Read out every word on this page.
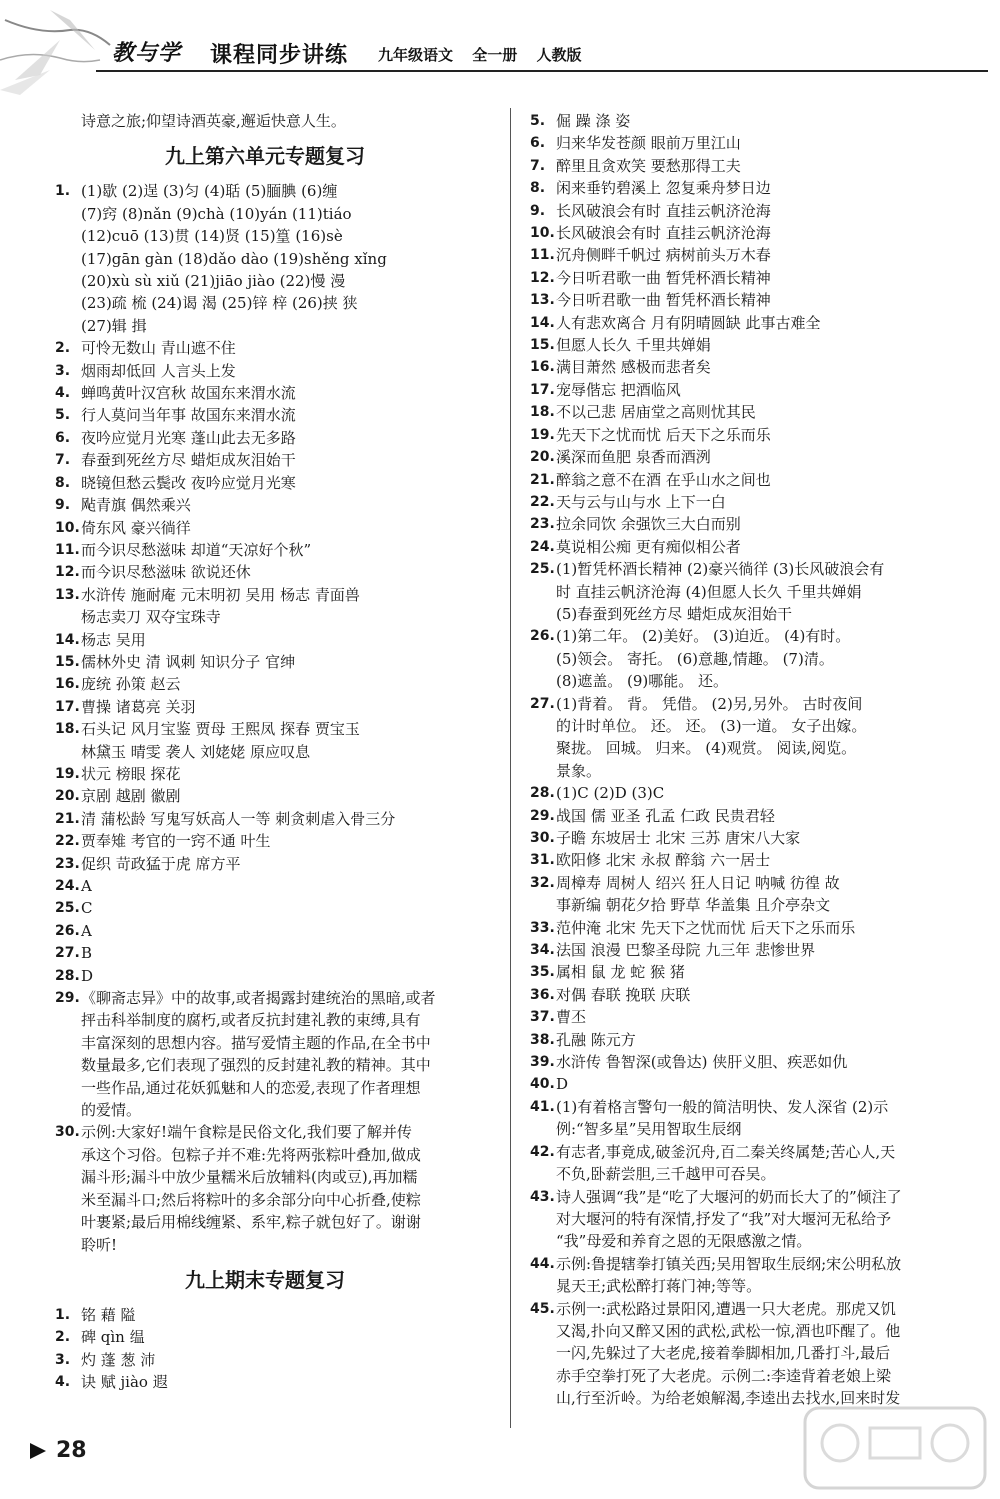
教与学 课程同步讲练 九年级语文 全一册 人教版
诗意之旅;仰望诗酒英豪,邂逅快意人生。
九上第六单元专题复习
1. (1)歇 (2)逞 (3)匀 (4)聒 (5)腼腆 (6)缠
(7)窍 (8)nǎn (9)chà (10)yán (11)tiáo
(12)cuō (13)贯 (14)贤 (15)篁 (16)sè
(17)gān gàn (18)dǎo dào (19)shěng xǐng
(20)xù sù xiǔ (21)jiāo jiào (22)慢 漫
(23)疏 梳 (24)谒 渴 (25)锌 梓 (26)挟 狭
(27)辑 揖
2. 可怜无数山 青山遮不住
3. 烟雨却低回 人言头上发
4. 蝉鸣黄叶汉宫秋 故国东来渭水流
5. 行人莫问当年事 故国东来渭水流
6. 夜吟应觉月光寒 蓬山此去无多路
7. 春蚕到死丝方尽 蜡炬成灰泪始干
8. 晓镜但愁云鬓改 夜吟应觉月光寒
9. 飐青旗 偶然乘兴
10. 倚东风 豪兴徜徉
11. 而今识尽愁滋味 却道“天凉好个秋”
12. 而今识尽愁滋味 欲说还休
13. 水浒传 施耐庵 元末明初 吴用 杨志 青面兽
杨志卖刀 双夺宝珠寺
14. 杨志 吴用
15. 儒林外史 清 讽刺 知识分子 官绅
16. 庞统 孙策 赵云
17. 曹操 诸葛亮 关羽
18. 石头记 风月宝鉴 贾母 王熙凤 探春 贾宝玉
林黛玉 晴雯 袭人 刘姥姥 原应叹息
19. 状元 榜眼 探花
20. 京剧 越剧 徽剧
21. 清 蒲松龄 写鬼写妖高人一等 刺贪刺虐入骨三分
22. 贾奉雉 考官的一窍不通 叶生
23. 促织 苛政猛于虎 席方平
24. A
25. C
26. A
27. B
28. D
29. 《聊斋志异》中的故事,或者揭露封建统治的黑暗,或者
抨击科举制度的腐朽,或者反抗封建礼教的束缚,具有
丰富深刻的思想内容。描写爱情主题的作品,在全书中
数量最多,它们表现了强烈的反封建礼教的精神。其中
一些作品,通过花妖狐魅和人的恋爱,表现了作者理想
的爱情。
30. 示例:大家好!端午食粽是民俗文化,我们要了解并传
承这个习俗。包粽子并不难:先将两张粽叶叠加,做成
漏斗形;漏斗中放少量糯米后放辅料(肉或豆),再加糯
米至漏斗口;然后将粽叶的多余部分向中心折叠,使粽
叶裹紧;最后用棉线缠紧、系牢,粽子就包好了。谢谢
聆听!
九上期末专题复习
1. 铭 藉 隘
2. 碑 qìn 缊
3. 灼 蓬 葱 沛
4. 诀 赋 jiào 遐
5. 倔 躁 涤 姿
6. 归来华发苍颜 眼前万里江山
7. 醉里且贪欢笑 要愁那得工夫
8. 闲来垂钓碧溪上 忽复乘舟梦日边
9. 长风破浪会有时 直挂云帆济沧海
10. 长风破浪会有时 直挂云帆济沧海
11. 沉舟侧畔千帆过 病树前头万木春
12. 今日听君歌一曲 暂凭杯酒长精神
13. 今日听君歌一曲 暂凭杯酒长精神
14. 人有悲欢离合 月有阴晴圆缺 此事古难全
15. 但愿人长久 千里共婵娟
16. 满目萧然 感极而悲者矣
17. 宠辱偕忘 把酒临风
18. 不以己悲 居庙堂之高则忧其民
19. 先天下之忧而忧 后天下之乐而乐
20. 溪深而鱼肥 泉香而酒洌
21. 醉翁之意不在酒 在乎山水之间也
22. 天与云与山与水 上下一白
23. 拉余同饮 余强饮三大白而别
24. 莫说相公痴 更有痴似相公者
25. (1)暂凭杯酒长精神 (2)豪兴徜徉 (3)长风破浪会有
时 直挂云帆济沧海 (4)但愿人长久 千里共婵娟
(5)春蚕到死丝方尽 蜡炬成灰泪始干
26. (1)第二年。 (2)美好。 (3)迫近。 (4)有时。
(5)领会。 寄托。 (6)意趣,情趣。 (7)清。
(8)遮盖。 (9)哪能。 还。
27. (1)背着。 背。 凭借。 (2)另,另外。 古时夜间
的计时单位。 还。 还。 (3)一道。 女子出嫁。
聚拢。 回城。 归来。 (4)观赏。 阅读,阅览。
景象。
28. (1)C (2)D (3)C
29. 战国 儒 亚圣 孔孟 仁政 民贵君轻
30. 子瞻 东坡居士 北宋 三苏 唐宋八大家
31. 欧阳修 北宋 永叔 醉翁 六一居士
32. 周樟寿 周树人 绍兴 狂人日记 呐喊 彷徨 故
事新编 朝花夕拾 野草 华盖集 且介亭杂文
33. 范仲淹 北宋 先天下之忧而忧 后天下之乐而乐
34. 法国 浪漫 巴黎圣母院 九三年 悲惨世界
35. 属相 鼠 龙 蛇 猴 猪
36. 对偶 春联 挽联 庆联
37. 曹丕
38. 孔融 陈元方
39. 水浒传 鲁智深(或鲁达) 侠肝义胆、疾恶如仇
40. D
41. (1)有着格言警句一般的简洁明快、发人深省 (2)示
例:“智多星”吴用智取生辰纲
42. 有志者,事竟成,破釜沉舟,百二秦关终属楚;苦心人,天
不负,卧薪尝胆,三千越甲可吞吴。
43. 诗人强调“我”是“吃了大堰河的奶而长大了的”倾注了
对大堰河的特有深情,抒发了“我”对大堰河无私给予
“我”母爱和养育之恩的无限感激之情。
44. 示例:鲁提辖拳打镇关西;吴用智取生辰纲;宋公明私放
晁天王;武松醉打蒋门神;等等。
45. 示例一:武松路过景阳冈,遭遇一只大老虎。那虎又饥
又渴,扑向又醉又困的武松,武松一惊,酒也吓醒了。他
一闪,先躲过了大老虎,接着拳脚相加,几番打斗,最后
赤手空拳打死了大老虎。示例二:李逵背着老娘上梁
山,行至沂岭。为给老娘解渴,李逵出去找水,回来时发
28
